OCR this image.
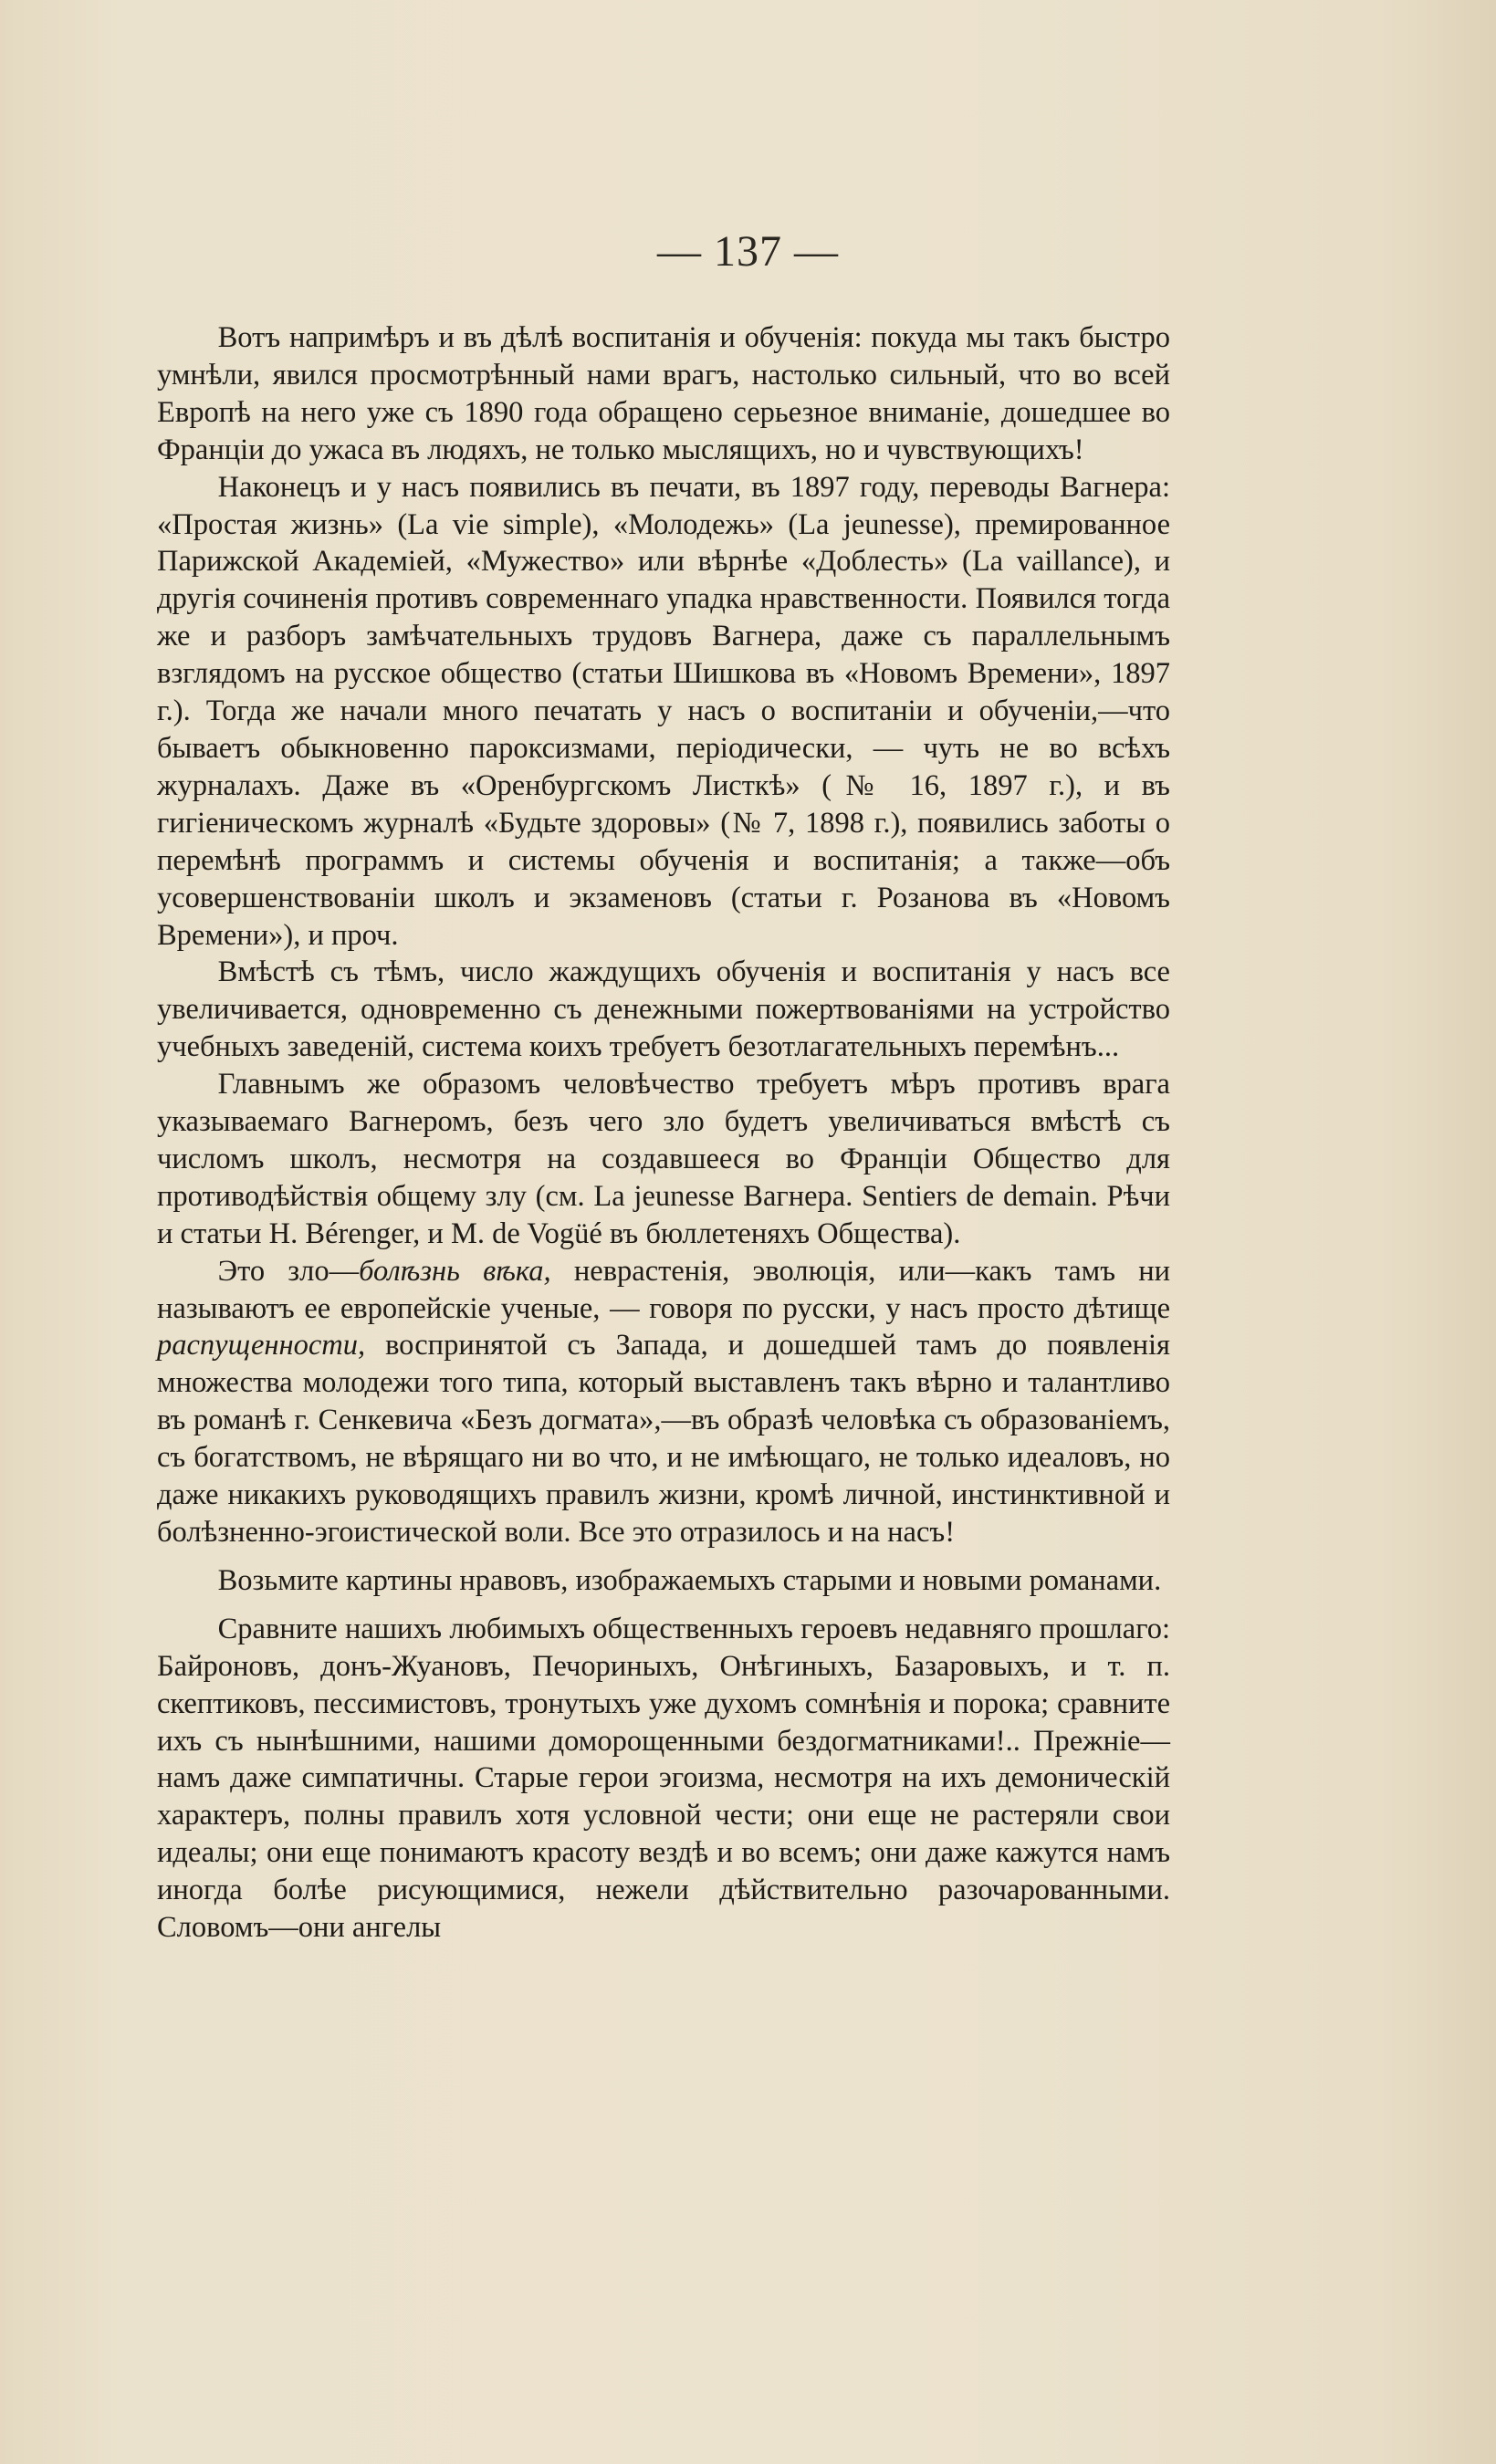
— 137 —

Вотъ напримѣръ и въ дѣлѣ воспитанія и обученія: покуда мы такъ быстро умнѣли, явился просмотрѣнный нами врагъ, настолько сильный, что во всей Европѣ на него уже съ 1890 года обращено серьезное вниманіе, дошедшее во Франціи до ужаса въ людяхъ, не только мыслящихъ, но и чувствующихъ!

Наконецъ и у насъ появились въ печати, въ 1897 году, переводы Вагнера: «Простая жизнь» (La vie simple), «Молодежь» (La jeunesse), премированное Парижской Академіей, «Мужество» или вѣрнѣе «Доблесть» (La vaillance), и другія сочиненія противъ современнаго упадка нравственности. Появился тогда же и разборъ замѣчательныхъ трудовъ Вагнера, даже съ параллельнымъ взглядомъ на русское общество (статьи Шишкова въ «Новомъ Времени», 1897 г.). Тогда же начали много печатать у насъ о воспитаніи и обученіи,—что бываетъ обыкновенно пароксизмами, періодически, — чуть не во всѣхъ журналахъ. Даже въ «Оренбургскомъ Листкѣ» (№ 16, 1897 г.), и въ гигіеническомъ журналѣ «Будьте здоровы» (№ 7, 1898 г.), появились заботы о перемѣнѣ программъ и системы обученія и воспитанія; а также—объ усовершенствованіи школъ и экзаменовъ (статьи г. Розанова въ «Новомъ Времени»), и проч.

Вмѣстѣ съ тѣмъ, число жаждущихъ обученія и воспитанія у насъ все увеличивается, одновременно съ денежными пожертвованіями на устройство учебныхъ заведеній, система коихъ требуетъ безотлагательныхъ перемѣнъ...

Главнымъ же образомъ человѣчество требуетъ мѣръ противъ врага указываемаго Вагнеромъ, безъ чего зло будетъ увеличиваться вмѣстѣ съ числомъ школъ, несмотря на создавшееся во Франціи Общество для противодѣйствія общему злу (см. La jeunesse Вагнера. Sentiers de demain. Рѣчи и статьи Н. Bérenger, и M. de Vogüé въ бюллетеняхъ Общества).

Это зло—болѣзнь вѣка, неврастенія, эволюція, или—какъ тамъ ни называютъ ее европейскіе ученые, — говоря по русски, у насъ просто дѣтище распущенности, воспринятой съ Запада, и дошедшей тамъ до появленія множества молодежи того типа, который выставленъ такъ вѣрно и талантливо въ романѣ г. Сенкевича «Безъ догмата»,—въ образѣ человѣка съ образованіемъ, съ богатствомъ, не вѣрящаго ни во что, и не имѣющаго, не только идеаловъ, но даже никакихъ руководящихъ правилъ жизни, кромѣ личной, инстинктивной и болѣзненно-эгоистической воли. Все это отразилось и на насъ!

Возьмите картины нравовъ, изображаемыхъ старыми и новыми романами.

Сравните нашихъ любимыхъ общественныхъ героевъ недавняго прошлаго: Байроновъ, донъ-Жуановъ, Печориныхъ, Онѣгиныхъ, Базаровыхъ, и т. п. скептиковъ, пессимистовъ, тронутыхъ уже духомъ сомнѣнія и порока; сравните ихъ съ нынѣшними, нашими доморощенными бездогматниками!.. Прежніе—намъ даже симпатичны. Старые герои эгоизма, несмотря на ихъ демоническій характеръ, полны правилъ хотя условной чести; они еще не растеряли свои идеалы; они еще понимаютъ красоту вездѣ и во всемъ; они даже кажутся намъ иногда болѣе рисующимися, нежели дѣйствительно разочарованными. Словомъ—они ангелы
